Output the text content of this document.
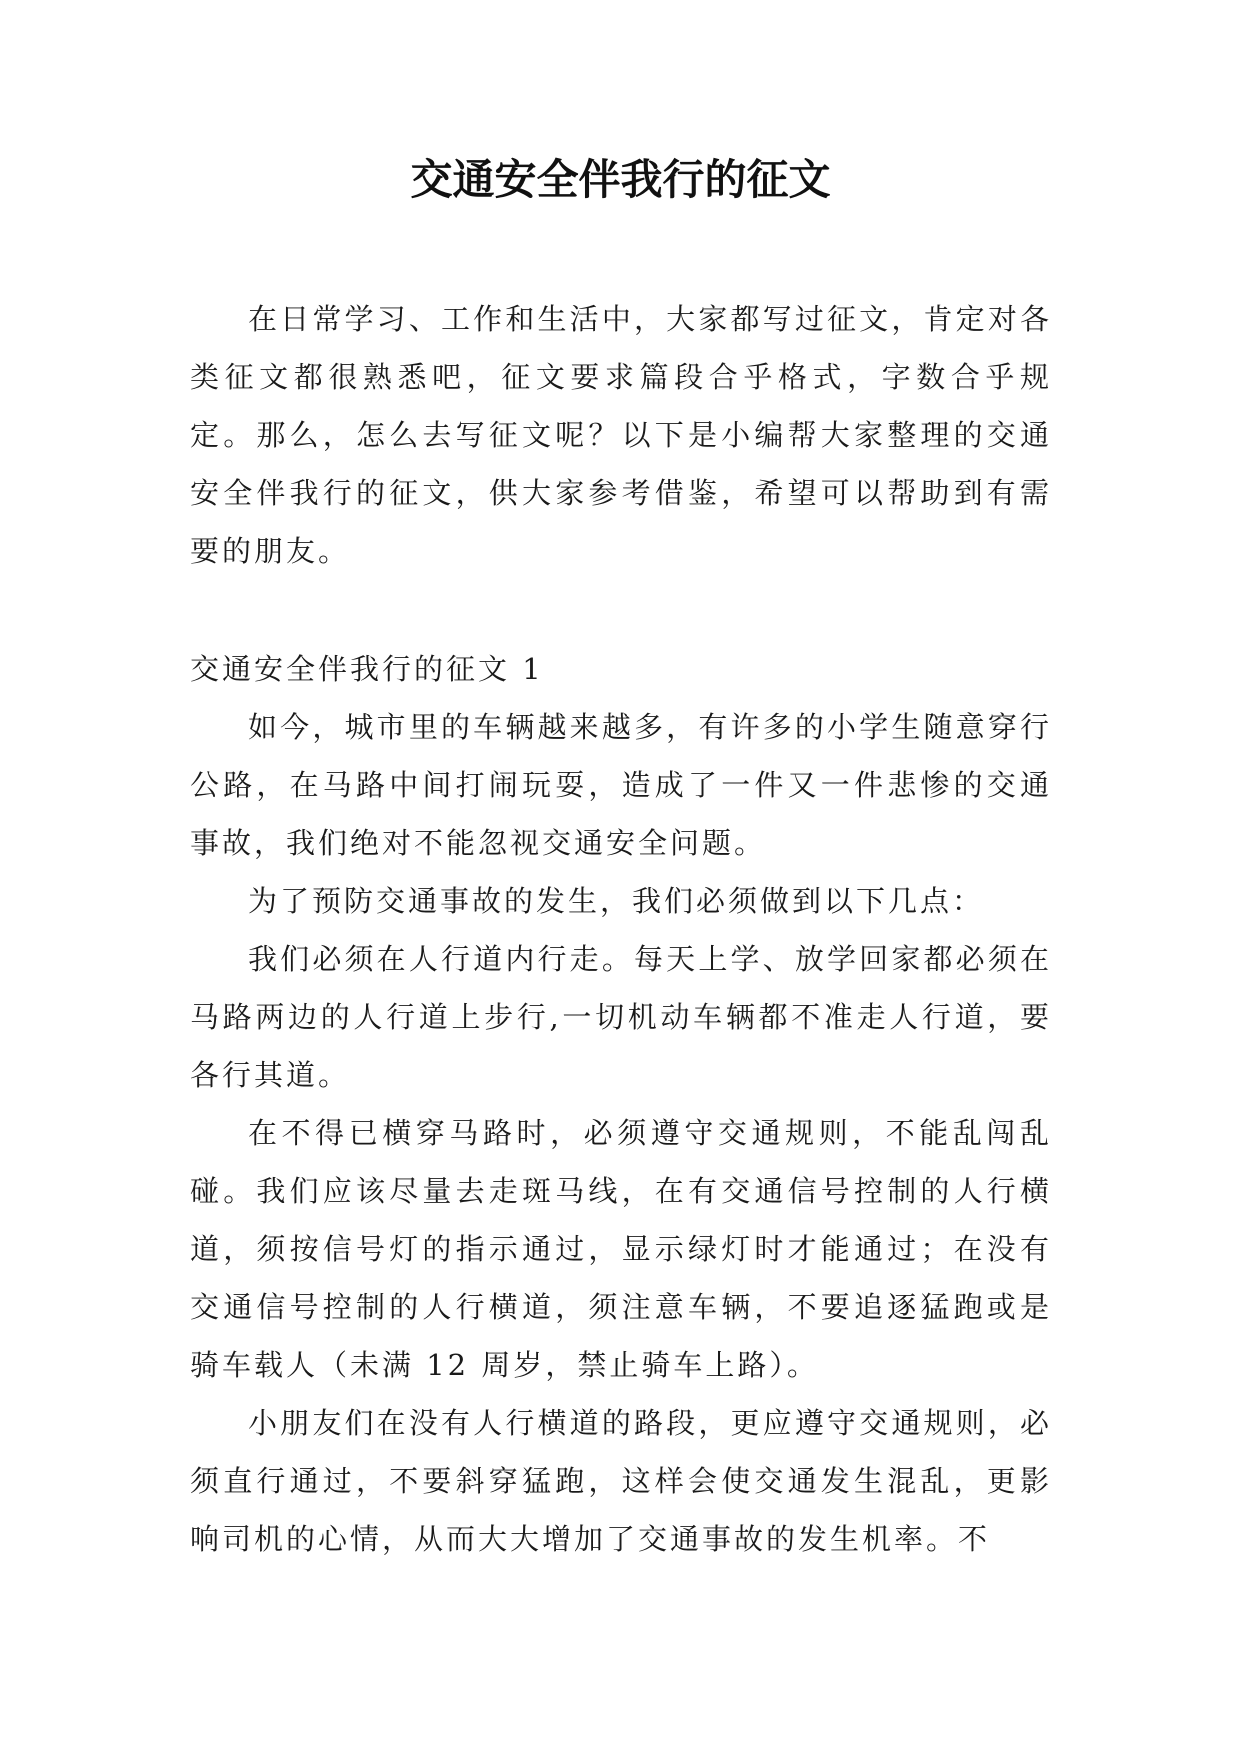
交通安全伴我行的征文

在日常学习、工作和生活中，大家都写过征文，肯定对各类征文都很熟悉吧，征文要求篇段合乎格式，字数合乎规定。那么，怎么去写征文呢？以下是小编帮大家整理的交通安全伴我行的征文，供大家参考借鉴，希望可以帮助到有需要的朋友。

交通安全伴我行的征文 1

如今，城市里的车辆越来越多，有许多的小学生随意穿行公路，在马路中间打闹玩耍，造成了一件又一件悲惨的交通事故，我们绝对不能忽视交通安全问题。

为了预防交通事故的发生，我们必须做到以下几点：

我们必须在人行道内行走。每天上学、放学回家都必须在马路两边的人行道上步行,一切机动车辆都不准走人行道，要各行其道。

在不得已横穿马路时，必须遵守交通规则，不能乱闯乱碰。我们应该尽量去走斑马线，在有交通信号控制的人行横道，须按信号灯的指示通过，显示绿灯时才能通过；在没有交通信号控制的人行横道，须注意车辆，不要追逐猛跑或是骑车载人（未满 12 周岁，禁止骑车上路）。

小朋友们在没有人行横道的路段，更应遵守交通规则，必须直行通过，不要斜穿猛跑，这样会使交通发生混乱，更影响司机的心情，从而大大增加了交通事故的发生机率。不
